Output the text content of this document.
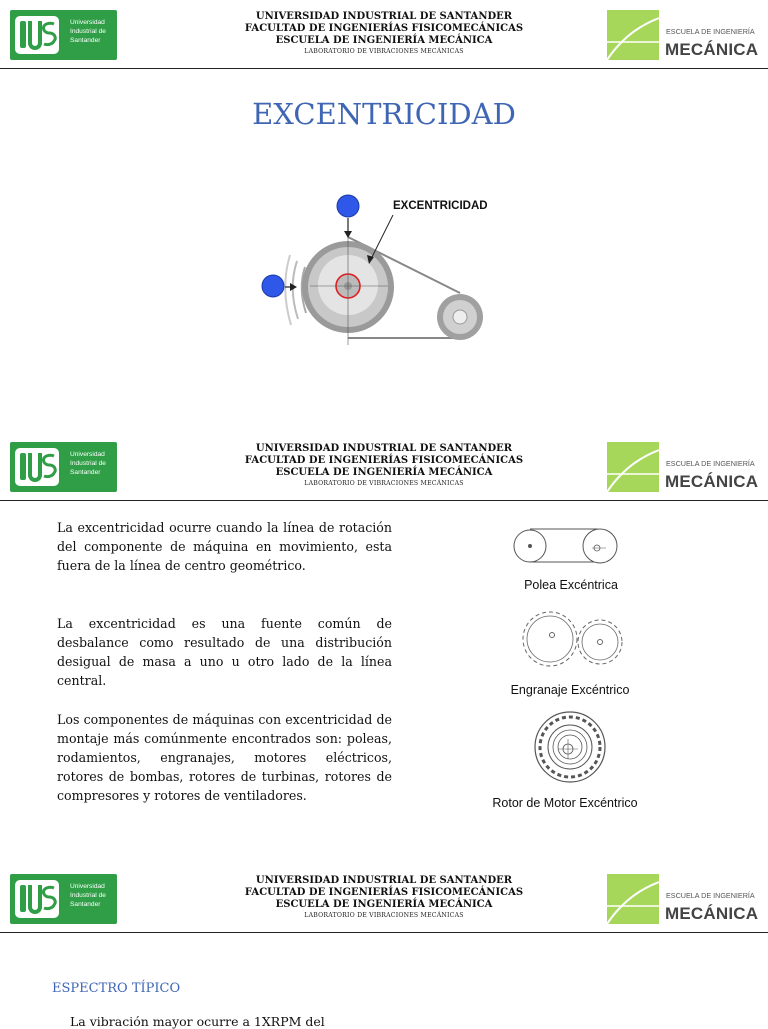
Universidad Industrial de Santander
UNIVERSIDAD INDUSTRIAL DE SANTANDER
FACULTAD DE INGENIERÍAS FISICOMECÁNICAS
ESCUELA DE INGENIERÍA MECÁNICA
LABORATORIO DE VIBRACIONES MECÁNICAS
ESCUELA DE INGENIERÍA
MECÁNICA
EXCENTRICIDAD
EXCENTRICIDAD
Universidad Industrial de Santander
UNIVERSIDAD INDUSTRIAL DE SANTANDER
FACULTAD DE INGENIERÍAS FISICOMECÁNICAS
ESCUELA DE INGENIERÍA MECÁNICA
LABORATORIO DE VIBRACIONES MECÁNICAS
ESCUELA DE INGENIERÍA
MECÁNICA
La excentricidad ocurre cuando la línea de rotación del componente de máquina en movimiento, esta fuera de la línea de centro geométrico.
La excentricidad es una fuente común de desbalance como resultado de una distribución desigual de masa a uno u otro lado de la línea central.
Los componentes de máquinas con excentricidad de montaje más comúnmente encontrados son: poleas, rodamientos, engranajes, motores eléctricos, rotores de bombas, rotores de turbinas, rotores de compresores y rotores de ventiladores.
Polea Excéntrica
Engranaje Excéntrico
Rotor de Motor Excéntrico
Universidad Industrial de Santander
UNIVERSIDAD INDUSTRIAL DE SANTANDER
FACULTAD DE INGENIERÍAS FISICOMECÁNICAS
ESCUELA DE INGENIERÍA MECÁNICA
LABORATORIO DE VIBRACIONES MECÁNICAS
ESCUELA DE INGENIERÍA
MECÁNICA
ESPECTRO TÍPICO
La vibración mayor ocurre a 1XRPM del
